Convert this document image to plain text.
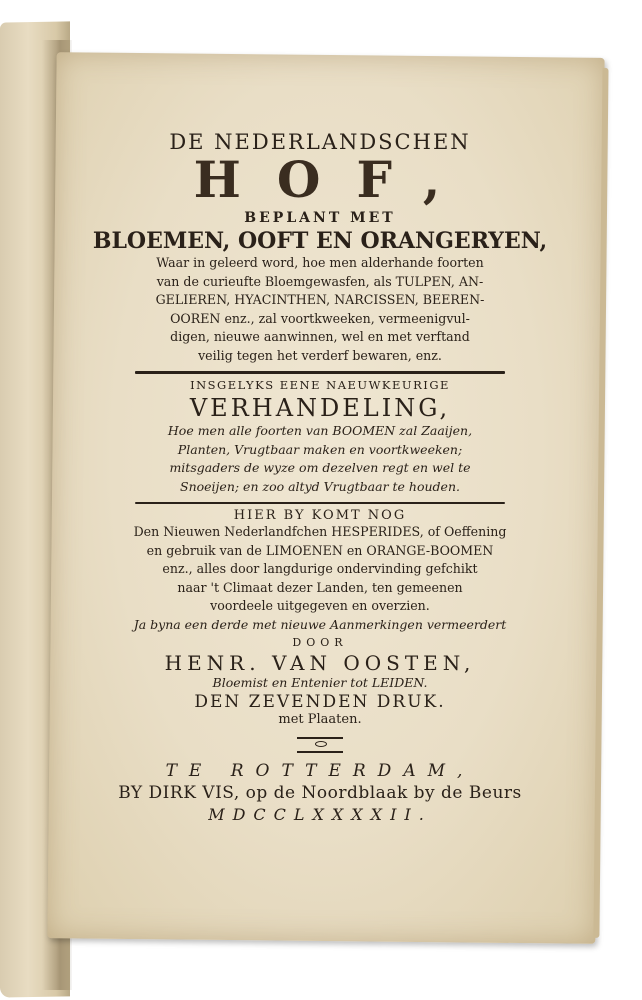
DE NEDERLANDSCHEN
HOF,
BEPLANT MET
BLOEMEN, OOFT EN ORANGERYEN,
Waar in geleerd word, hoe men alderhande foorten
van de curieufte Bloemgewasfen, als TULPEN, AN-
GELIEREN, HYACINTHEN, NARCISSEN, BEEREN-
OOREN enz., zal voortkweeken, vermeenigvul-
digen, nieuwe aanwinnen, wel en met verftand
veilig tegen het verderf bewaren, enz.
INSGELYKS EENE NAEUWKEURIGE
VERHANDELING,
Hoe men alle foorten van BOOMEN zal Zaaijen,
Planten, Vrugtbaar maken en voortkweeken;
mitsgaders de wyze om dezelven regt en wel te
Snoeijen; en zoo altyd Vrugtbaar te houden.
HIER BY KOMT NOG
Den Nieuwen Nederlandfchen HESPERIDES, of Oeffening
en gebruik van de LIMOENEN en ORANGE-BOOMEN
enz., alles door langdurige ondervinding gefchikt
naar 't Climaat dezer Landen, ten gemeenen
voordeele uitgegeven en overzien.
Ja byna een derde met nieuwe Aanmerkingen vermeerdert
DOOR
HENR. VAN OOSTEN,
Bloemist en Entenier tot LEIDEN.
DEN ZEVENDEN DRUK.
met Plaaten.
TE ROTTERDAM,
BY DIRK VIS, op de Noordblaak by de Beurs
MDCCLXXXXII.
